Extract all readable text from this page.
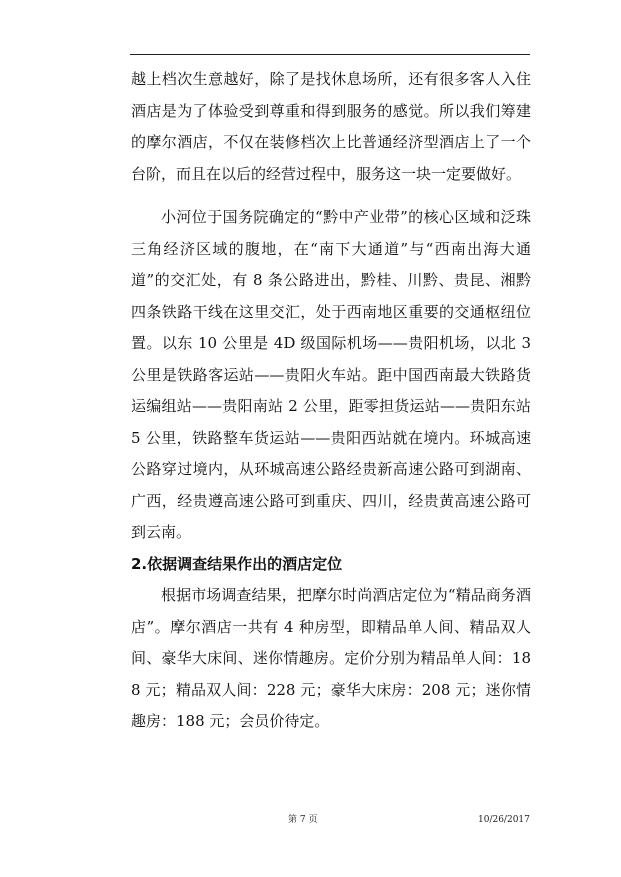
越上档次生意越好，除了是找休息场所，还有很多客人入住酒店是为了体验受到尊重和得到服务的感觉。所以我们筹建的摩尔酒店，不仅在装修档次上比普通经济型酒店上了一个台阶，而且在以后的经营过程中，服务这一块一定要做好。

小河位于国务院确定的“黔中产业带”的核心区域和泛珠三角经济区域的腹地，在“南下大通道”与“西南出海大通道”的交汇处，有 8 条公路进出，黔桂、川黔、贵昆、湘黔四条铁路干线在这里交汇，处于西南地区重要的交通枢纽位置。以东 10 公里是 4D 级国际机场——贵阳机场，以北 3 公里是铁路客运站——贵阳火车站。距中国西南最大铁路货运编组站——贵阳南站 2 公里，距零担货运站——贵阳东站 5 公里，铁路整车货运站——贵阳西站就在境内。环城高速公路穿过境内，从环城高速公路经贵新高速公路可到湖南、广西，经贵遵高速公路可到重庆、四川，经贵黄高速公路可到云南。

2.依据调查结果作出的酒店定位

根据市场调查结果，把摩尔时尚酒店定位为“精品商务酒店”。摩尔酒店一共有 4 种房型，即精品单人间、精品双人间、豪华大床间、迷你情趣房。定价分别为精品单人间：188 元；精品双人间：228 元；豪华大床房：208 元；迷你情趣房：188 元；会员价待定。

第 7 页	10/26/2017
